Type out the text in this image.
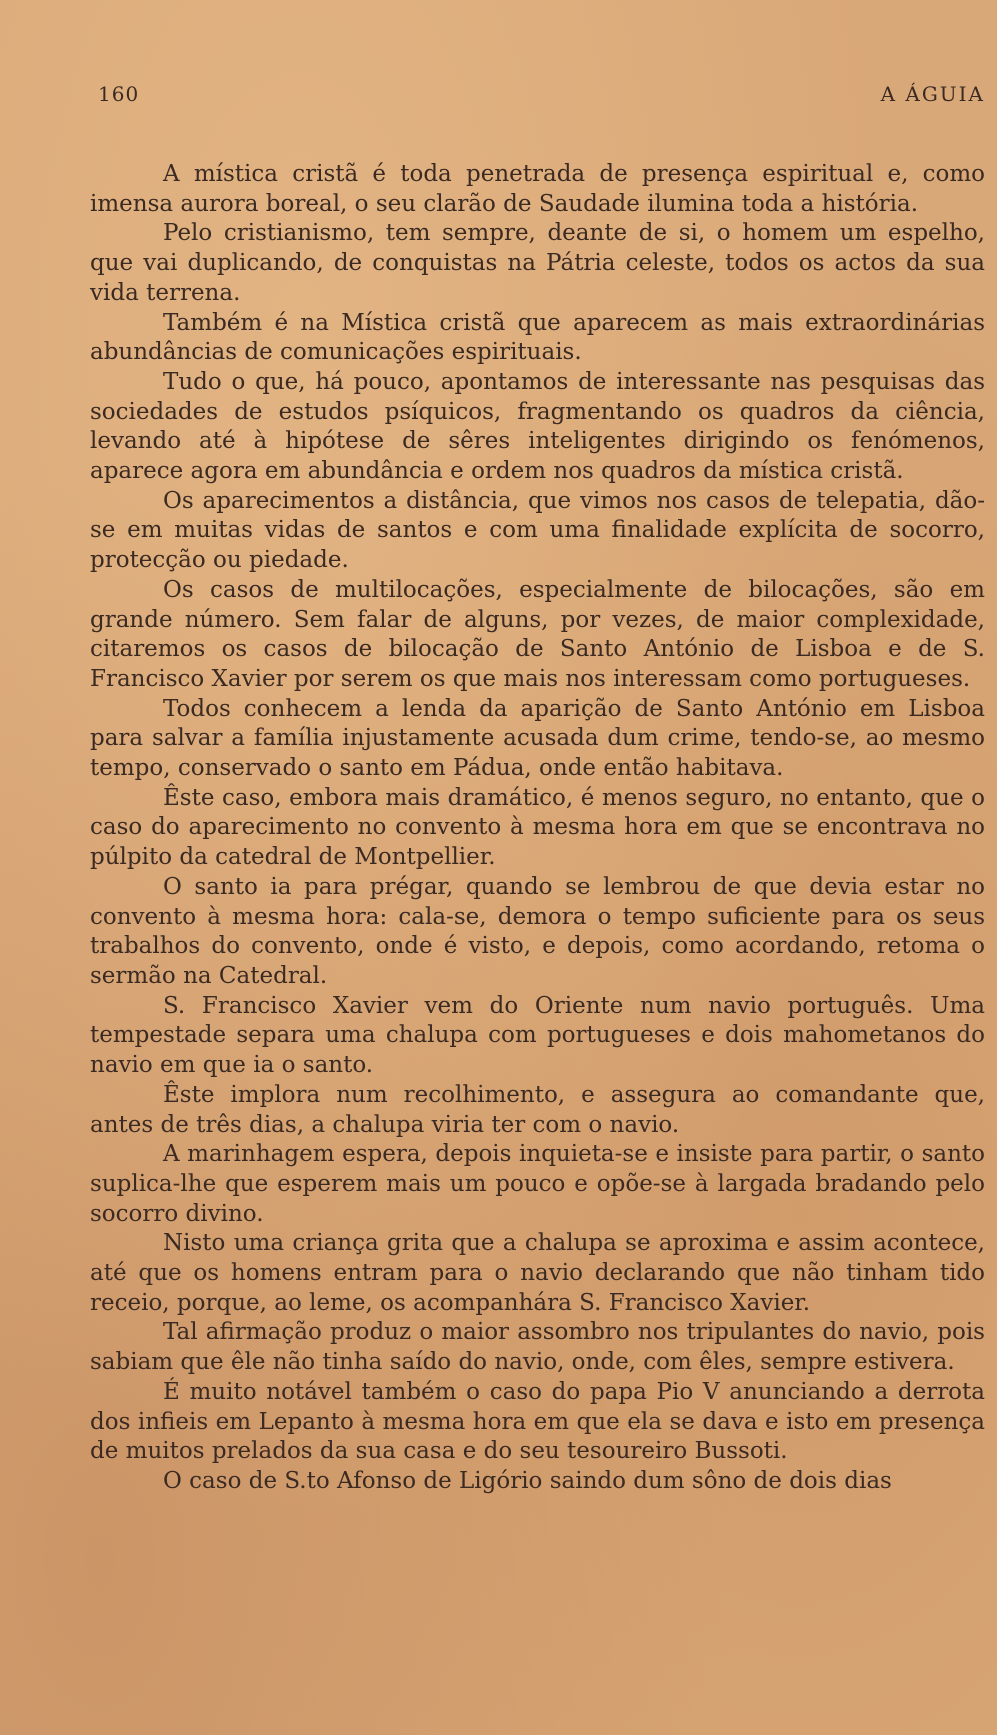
160	A ÁGUIA

A mística cristã é toda penetrada de presença espiritual e, como imensa aurora boreal, o seu clarão de Saudade ilumina toda a história.

Pelo cristianismo, tem sempre, deante de si, o homem um espelho, que vai duplicando, de conquistas na Pátria celeste, todos os actos da sua vida terrena.

Também é na Mística cristã que aparecem as mais extraordinárias abundâncias de comunicações espirituais.

Tudo o que, há pouco, apontamos de interessante nas pesquisas das sociedades de estudos psíquicos, fragmentando os quadros da ciência, levando até à hipótese de sêres inteligentes dirigindo os fenómenos, aparece agora em abundância e ordem nos quadros da mística cristã.

Os aparecimentos a distância, que vimos nos casos de telepatia, dão-se em muitas vidas de santos e com uma finalidade explícita de socorro, protecção ou piedade.

Os casos de multilocações, especialmente de bilocações, são em grande número. Sem falar de alguns, por vezes, de maior complexidade, citaremos os casos de bilocação de Santo António de Lisboa e de S. Francisco Xavier por serem os que mais nos interessam como portugueses.

Todos conhecem a lenda da aparição de Santo António em Lisboa para salvar a família injustamente acusada dum crime, tendo-se, ao mesmo tempo, conservado o santo em Pádua, onde então habitava.

Êste caso, embora mais dramático, é menos seguro, no entanto, que o caso do aparecimento no convento à mesma hora em que se encontrava no púlpito da catedral de Montpellier.

O santo ia para prégar, quando se lembrou de que devia estar no convento à mesma hora: cala-se, demora o tempo suficiente para os seus trabalhos do convento, onde é visto, e depois, como acordando, retoma o sermão na Catedral.

S. Francisco Xavier vem do Oriente num navio português. Uma tempestade separa uma chalupa com portugueses e dois mahometanos do navio em que ia o santo.

Êste implora num recolhimento, e assegura ao comandante que, antes de três dias, a chalupa viria ter com o navio.

A marinhagem espera, depois inquieta-se e insiste para partir, o santo suplica-lhe que esperem mais um pouco e opõe-se à largada bradando pelo socorro divino.

Nisto uma criança grita que a chalupa se aproxima e assim acontece, até que os homens entram para o navio declarando que não tinham tido receio, porque, ao leme, os acompanhára S. Francisco Xavier.

Tal afirmação produz o maior assombro nos tripulantes do navio, pois sabiam que êle não tinha saído do navio, onde, com êles, sempre estivera.

É muito notável também o caso do papa Pio V anunciando a derrota dos infieis em Lepanto à mesma hora em que ela se dava e isto em presença de muitos prelados da sua casa e do seu tesoureiro Bussoti.

O caso de S.to Afonso de Ligório saindo dum sôno de dois dias
